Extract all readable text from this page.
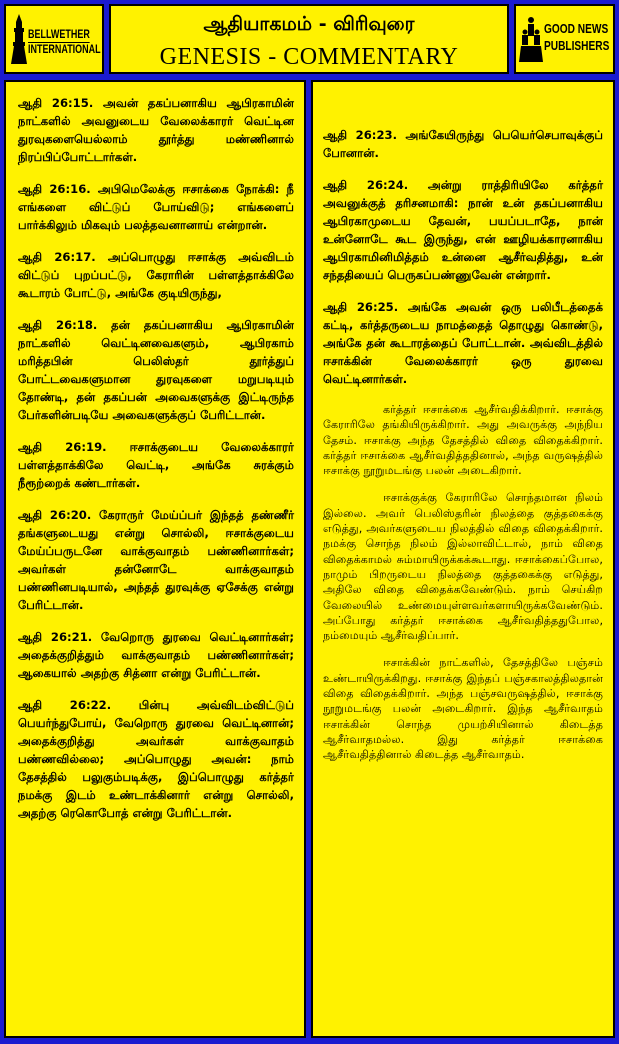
BELLWETHER

INTERNATIONAL
ஆதியாகமம் - விரிவுரை
GENESIS - COMMENTARY
GOOD NEWS
PUBLISHERS

ஆதி 26:15. அவன் தகப்பனாகிய ஆபிரகாமின் நாட்களில் அவனுடைய வேலைக்காரர் வெட்டின துரவுகளையெல்லாம் தூர்த்து மண்ணினால் நிரப்பிப்போட்டார்கள்.

ஆதி 26:16. அபிமெலேக்கு ஈசாக்கை நோக்கி: நீ எங்களை விட்டுப் போய்விடு; எங்களைப் பார்க்கிலும் மிகவும் பலத்தவனானாய் என்றான்.

ஆதி 26:17. அப்பொழுது ஈசாக்கு அவ்விடம் விட்டுப் புறப்பட்டு, கேராரின் பள்ளத்தாக்கிலே கூடாரம் போட்டு, அங்கே குடியிருந்து,

ஆதி 26:18. தன் தகப்பனாகிய ஆபிரகாமின் நாட்களில் வெட்டினவைகளும், ஆபிரகாம் மரித்தபின் பெலிஸ்தர் தூர்த்துப் போட்டவைகளுமான துரவுகளை மறுபடியும் தோண்டி, தன் தகப்பன் அவைகளுக்கு இட்டிருந்த பேர்களின்படியே அவைகளுக்குப் பேரிட்டான்.

ஆதி 26:19. ஈசாக்குடைய வேலைக்காரர் பள்ளத்தாக்கிலே வெட்டி, அங்கே சுரக்கும் நீரூற்றைக் கண்டார்கள்.

ஆதி 26:20. கேராருர் மேய்ப்பர் இந்தத் தண்ணீர் தங்களுடையது என்று சொல்லி, ஈசாக்குடைய மேய்ப்பருடனே வாக்குவாதம் பண்ணினார்கள்; அவர்கள் தன்னோடே வாக்குவாதம் பண்ணினபடியால், அந்தத் துரவுக்கு ஏசேக்கு என்று பேரிட்டான்.

ஆதி 26:21. வேறொரு துரவை வெட்டினார்கள்; அதைக்குறித்தும் வாக்குவாதம் பண்ணினார்கள்; ஆகையால் அதற்கு சித்னா என்று பேரிட்டான்.

ஆதி 26:22. பின்பு அவ்விடம்விட்டுப் பெயர்ந்துபோய், வேறொரு துரவை வெட்டினான்; அதைக்குறித்து அவர்கள் வாக்குவாதம் பண்ணவில்லை; அப்பொழுது அவன்: நாம் தேசத்தில் பலுகும்படிக்கு, இப்பொழுது கர்த்தர் நமக்கு இடம் உண்டாக்கினார் என்று சொல்லி, அதற்கு ரெகொபோத் என்று பேரிட்டான்.

ஆதி 26:23. அங்கேயிருந்து பெயெர்செபாவுக்குப் போனான்.

ஆதி 26:24. அன்று ராத்திரியிலே கர்த்தர் அவனுக்குத் தரிசனமாகி: நான் உன் தகப்பனாகிய ஆபிரகாமுடைய தேவன், பயப்படாதே, நான் உன்னோடே கூட இருந்து, என் ஊழியக்காரனாகிய ஆபிரகாமினிமித்தம் உன்னை ஆசீர்வதித்து, உன் சந்ததியைப் பெருகப்பண்ணுவேன் என்றார்.

ஆதி 26:25. அங்கே அவன் ஒரு பலிபீடத்தைக் கட்டி, கர்த்தருடைய நாமத்தைத் தொழுது கொண்டு, அங்கே தன் கூடாரத்தைப் போட்டான். அவ்விடத்தில் ஈசாக்கின் வேலைக்காரர் ஒரு துரவை வெட்டினார்கள்.

கர்த்தர் ஈசாக்கை ஆசீர்வதிக்கிறார். ஈசாக்கு கேராரிலே தங்கியிருக்கிறார். அது அவருக்கு அந்நிய தேசம். ஈசாக்கு அந்த தேசத்தில் விதை விதைக்கிறார். கர்த்தர் ஈசாக்கை ஆசீர்வதித்ததினால், அந்த வருஷத்தில் ஈசாக்கு நூறுமடங்கு பலன் அடைகிறார்.

ஈசாக்குக்கு கேராரிலே சொந்தமான நிலம் இல்லை. அவர் பெலிஸ்தரின் நிலத்தை குத்தகைக்கு எடுத்து, அவர்களுடைய நிலத்தில் விதை விதைக்கிறார். நமக்கு சொந்த நிலம் இல்லாவிட்டால், நாம் விதை விதைக்காமல் சும்மாயிருக்கக்கூடாது. ஈசாக்கைப்போல, நாமும் பிறருடைய நிலத்தை குத்தகைக்கு எடுத்து, அதிலே விதை விதைக்கவேண்டும். நாம் செய்கிற வேலையில் உண்மையுள்ளவர்களாயிருக்கவேண்டும். அப்போது கர்த்தர் ஈசாக்கை ஆசீர்வதித்ததுபோல, நம்மையும் ஆசீர்வதிப்பார்.

ஈசாக்கின் நாட்களில், தேசத்திலே பஞ்சம் உண்டாயிருக்கிறது. ஈசாக்கு இந்தப் பஞ்சகாலத்திலதான் விதை விதைக்கிறார். அந்த பஞ்சவருஷத்தில், ஈசாக்கு நூறுமடங்கு பலன் அடைகிறார். இந்த ஆசீர்வாதம் ஈசாக்கின் சொந்த முயற்சியினால் கிடைத்த ஆசீர்வாதமல்ல. இது கர்த்தர் ஈசாக்கை ஆசீர்வதித்தினால் கிடைத்த ஆசீர்வாதம்.
